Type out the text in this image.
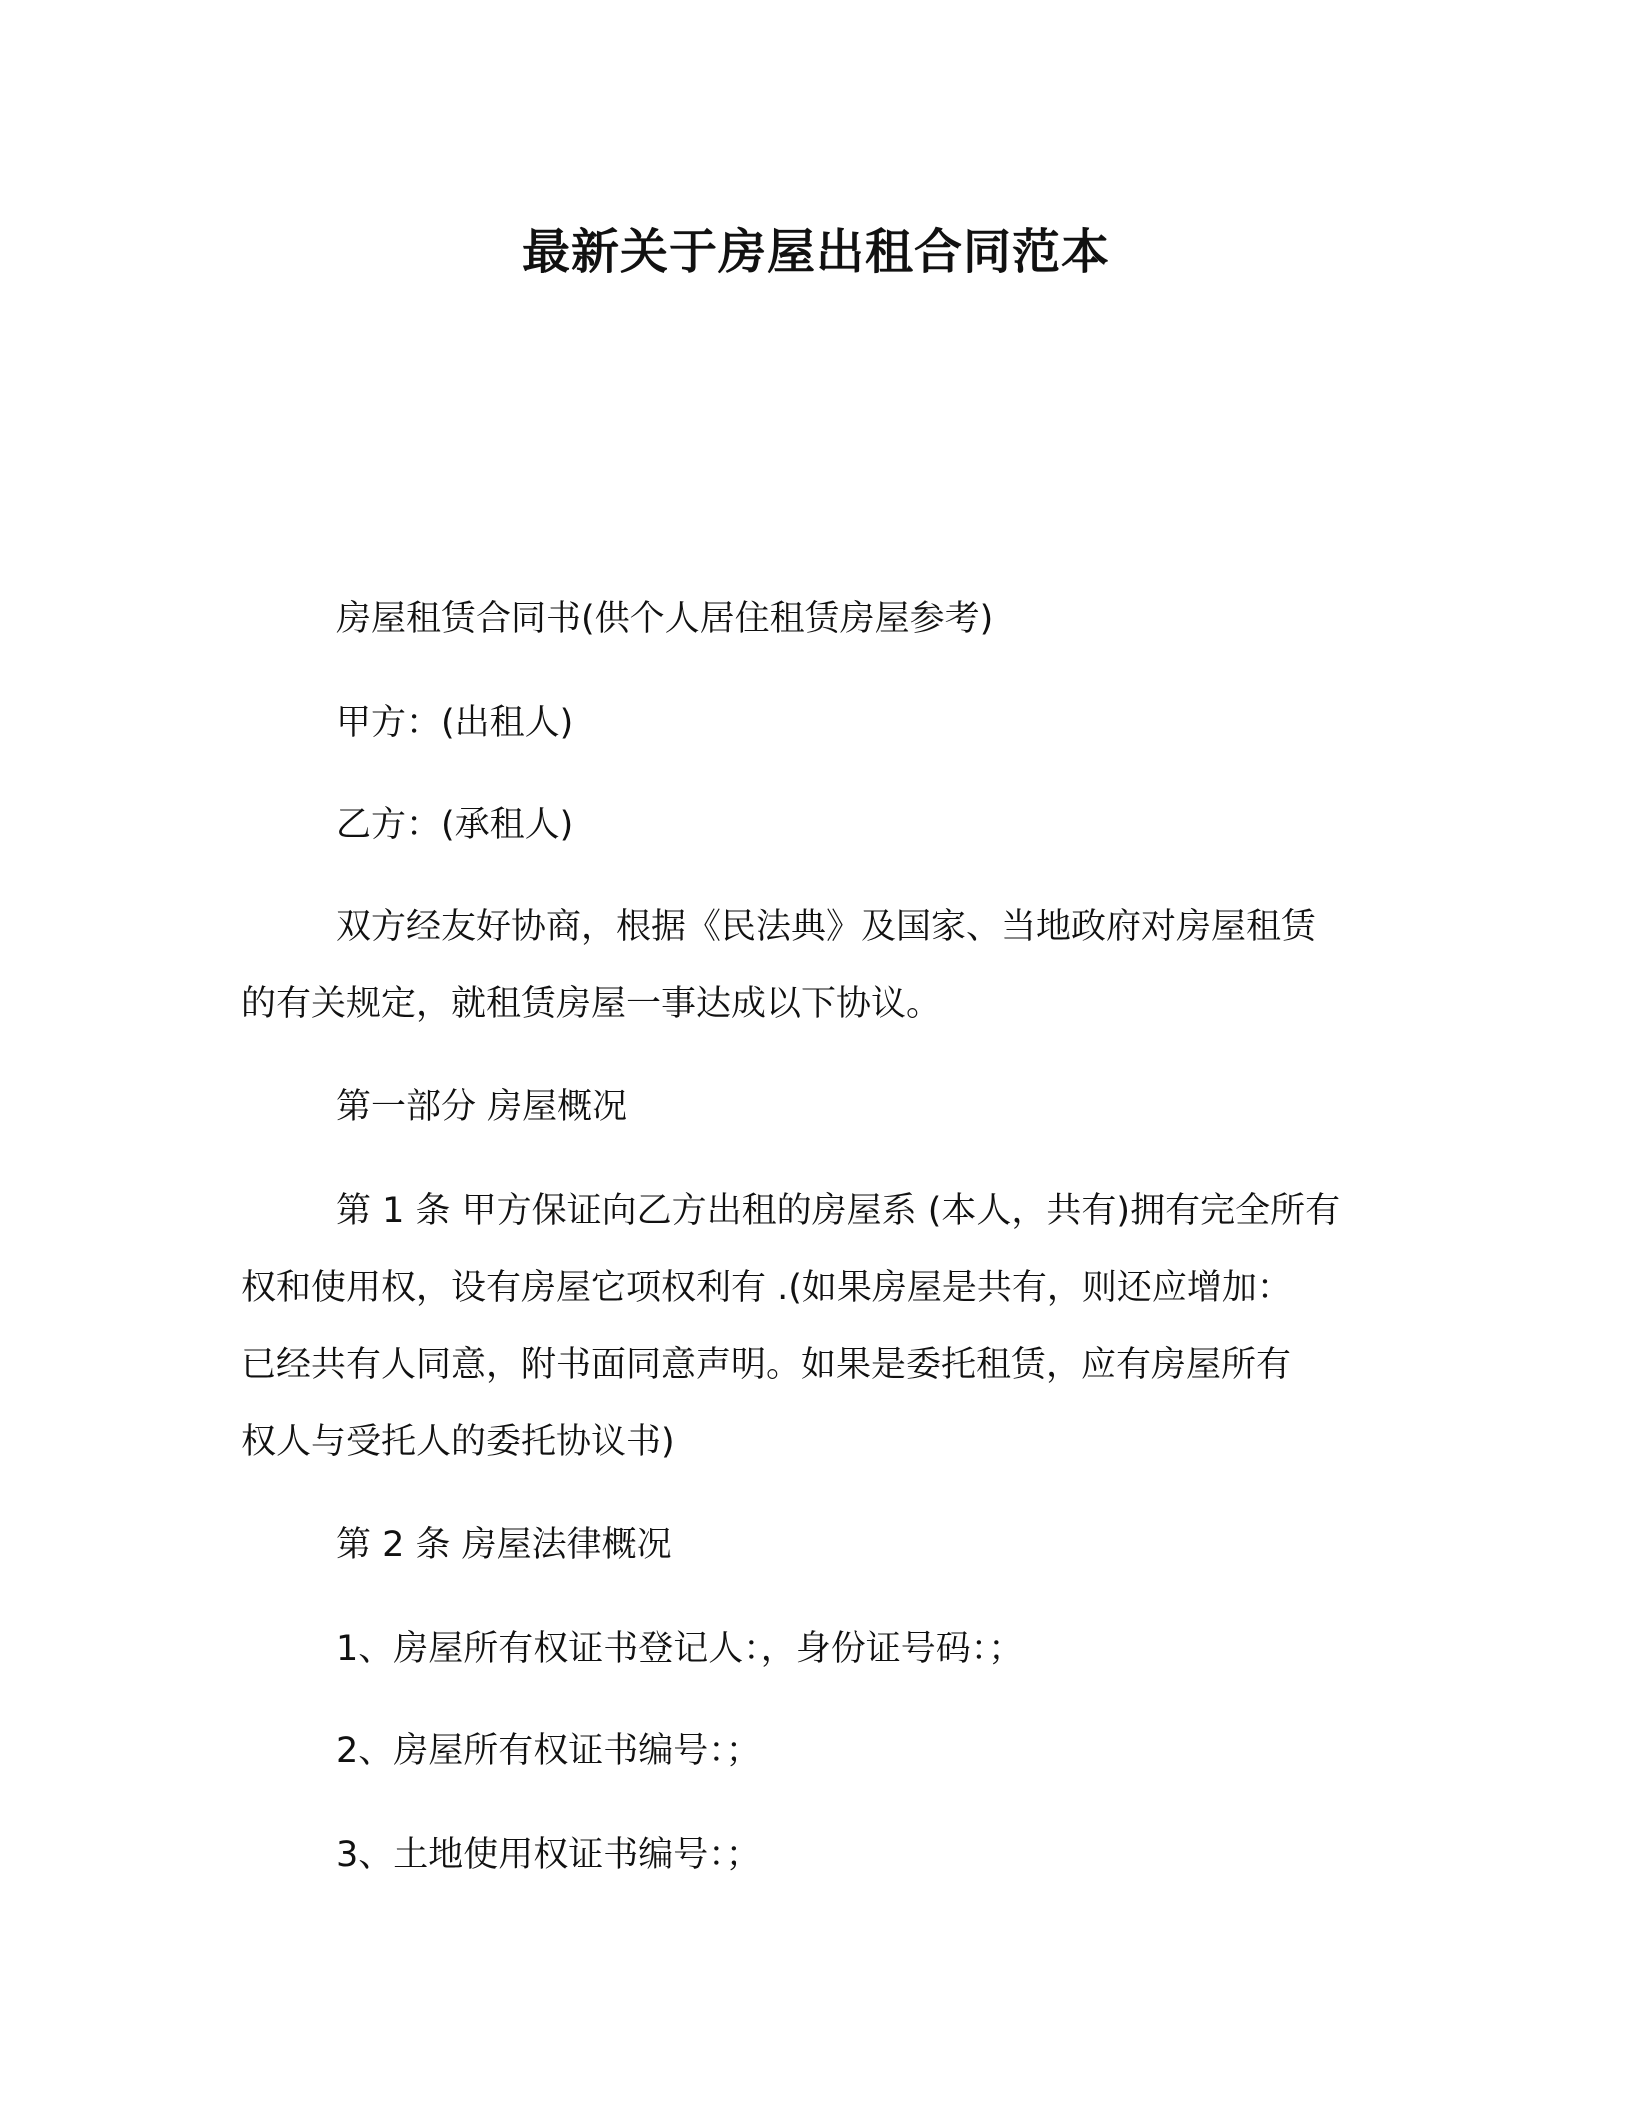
最新关于房屋出租合同范本

房屋租赁合同书(供个人居住租赁房屋参考)

甲方：(出租人)

乙方：(承租人)

双方经友好协商，根据《民法典》及国家、当地政府对房屋租赁
的有关规定，就租赁房屋一事达成以下协议。

第一部分 房屋概况

第 1 条 甲方保证向乙方出租的房屋系 (本人，共有)拥有完全所有
权和使用权，设有房屋它项权利有 .(如果房屋是共有，则还应增加：
已经共有人同意，附书面同意声明。如果是委托租赁，应有房屋所有
权人与受托人的委托协议书)

第 2 条 房屋法律概况

1、房屋所有权证书登记人：，身份证号码：；

2、房屋所有权证书编号：；

3、土地使用权证书编号：；
